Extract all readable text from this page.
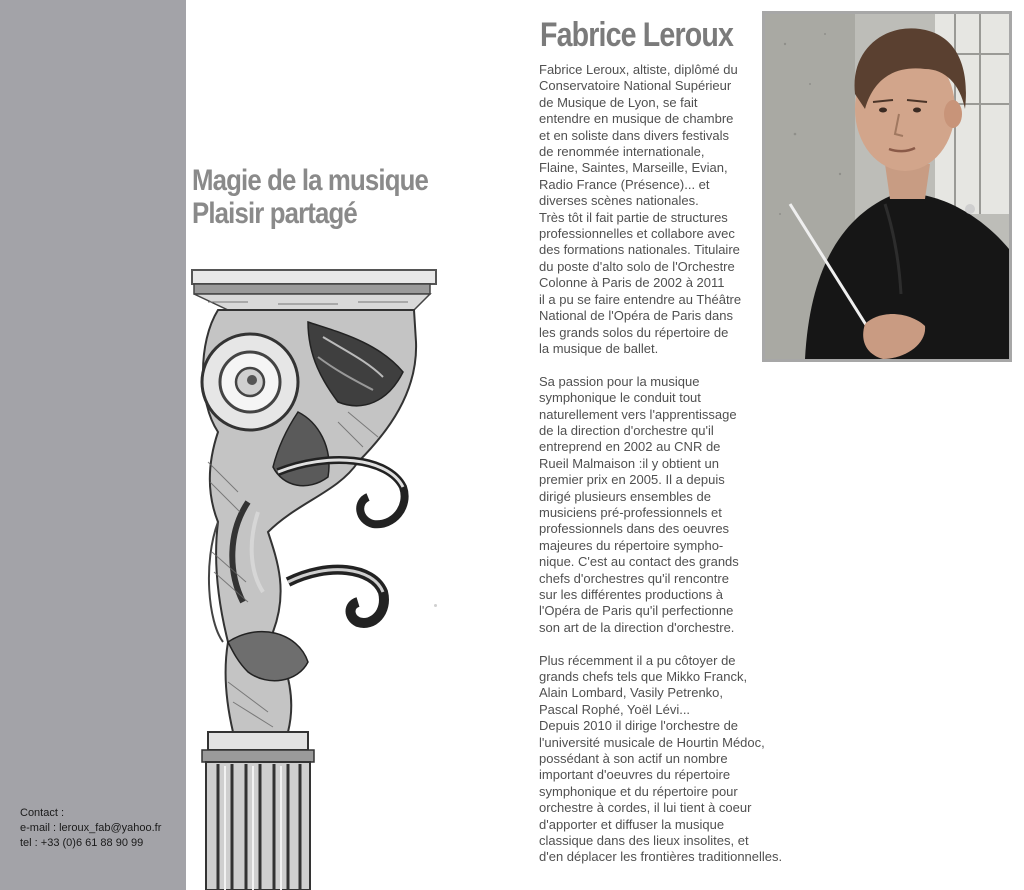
Contact :
e-mail : leroux_fab@yahoo.fr
tel : +33 (0)6 61 88 90 99
Magie de la musique
Plaisir partagé
Fabrice Leroux
Fabrice Leroux, altiste, diplômé du
Conservatoire National Supérieur
de Musique de Lyon, se fait
entendre en musique de chambre
et en soliste dans divers festivals
de renommée internationale,
Flaine, Saintes, Marseille, Evian,
Radio France (Présence)... et
diverses scènes nationales.
Très tôt il fait partie de structures
professionnelles et collabore avec
des formations nationales. Titulaire
du poste d'alto solo de l'Orchestre
Colonne à Paris de 2002 à 2011
il a pu se faire entendre au Théâtre
National de l'Opéra de Paris dans
les grands solos du répertoire de
la musique de ballet.
Sa passion pour la musique
symphonique le conduit tout
naturellement vers l'apprentissage
de la direction d'orchestre qu'il
entreprend en 2002 au CNR de
Rueil Malmaison :il y obtient un
premier prix en 2005. Il a depuis
dirigé plusieurs ensembles de
musiciens pré-professionnels et
professionnels dans des oeuvres
majeures du répertoire sympho-
nique. C'est au contact des grands
chefs d'orchestres qu'il rencontre
sur les différentes productions à
l'Opéra de Paris qu'il perfectionne
son art de la direction d'orchestre.
Plus récemment il a pu côtoyer de
grands chefs tels que Mikko Franck,
Alain Lombard, Vasily Petrenko,
Pascal Rophé, Yoël Lévi...
Depuis 2010 il dirige l'orchestre de
l'université musicale de Hourtin Médoc,
possédant à son actif un nombre
important d'oeuvres du répertoire
symphonique et du répertoire pour
orchestre à cordes, il lui tient à coeur
d'apporter et diffuser la musique
classique dans des lieux insolites, et
d'en déplacer les frontières traditionnelles.
